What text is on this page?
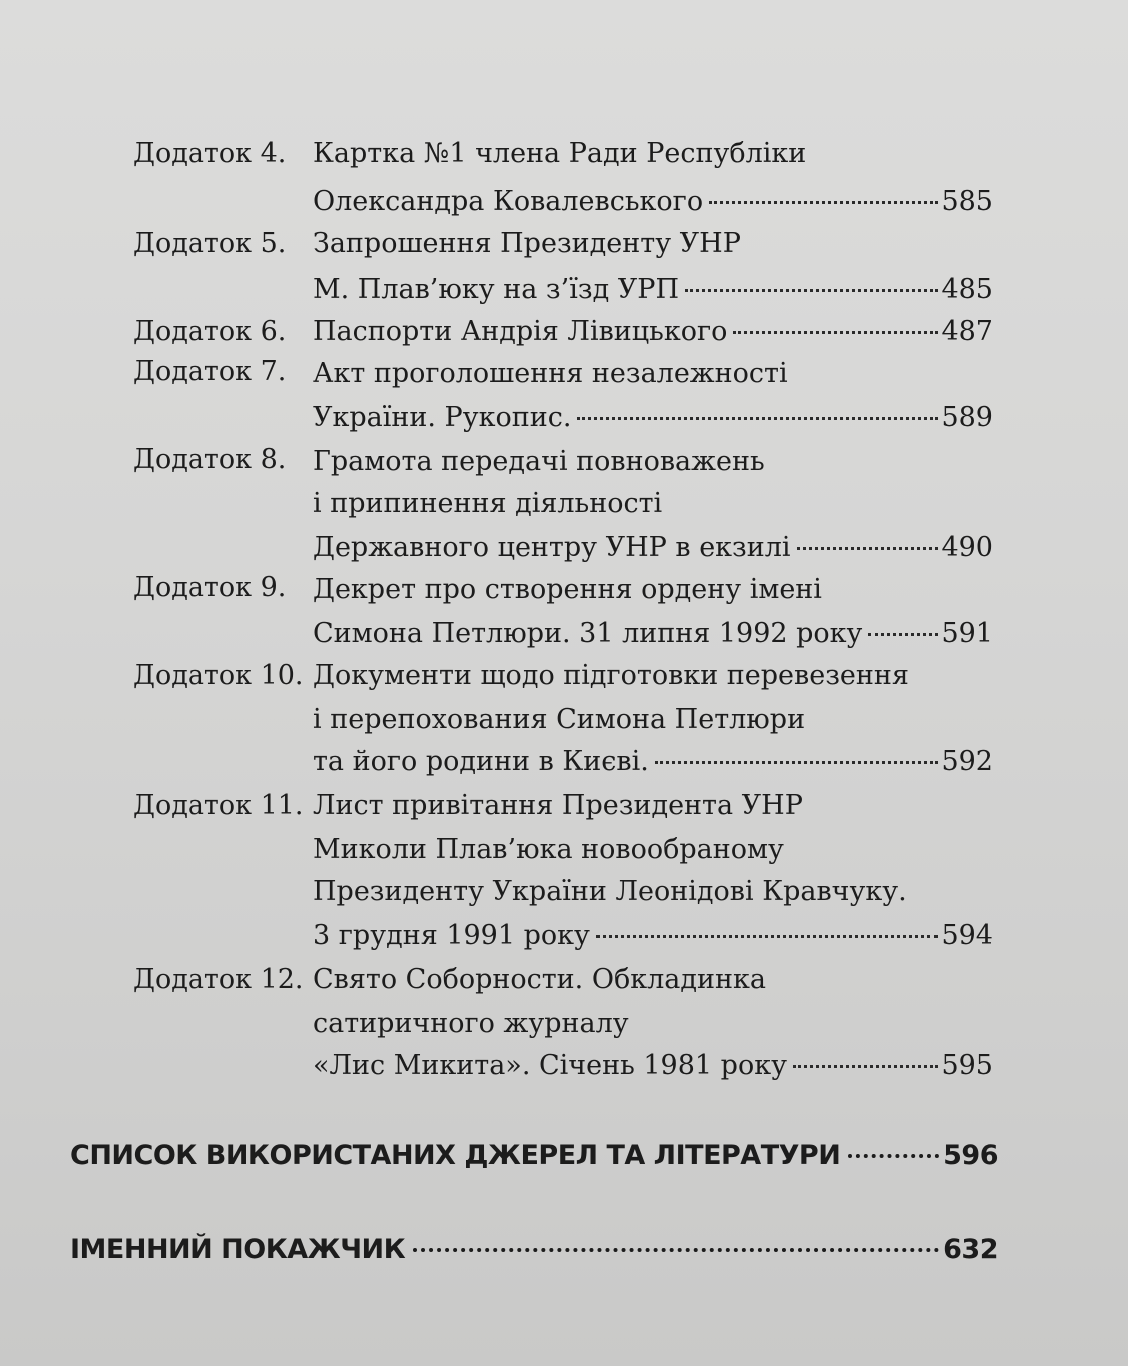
Додаток 4. Картка №1 члена Ради Республіки
Олександра Ковалевського	585
Додаток 5. Запрошення Президенту УНР
М. Плав’юку на з’їзд УРП	485
Додаток 6. Паспорти Андрія Лівицького	487
Додаток 7. Акт проголошення незалежності
України. Рукопис.	589
Додаток 8. Грамота передачі повноважень
і припинення діяльності
Державного центру УНР в екзилі	490
Додаток 9. Декрет про створення ордену імені
Симона Петлюри. 31 липня 1992 року	591
Додаток 10. Документи щодо підготовки перевезення
і перепохования Симона Петлюри
та його родини в Києві.	592
Додаток 11. Лист привітання Президента УНР
Миколи Плав’юка новообраному
Президенту України Леонідові Кравчуку.
3 грудня 1991 року	594
Додаток 12. Свято Соборности. Обкладинка
сатиричного журналу
«Лис Микита». Січень 1981 року	595
СПИСОК ВИКОРИСТАНИХ ДЖЕРЕЛ ТА ЛІТЕРАТУРИ	596
ІМЕННИЙ ПОКАЖЧИК	632
